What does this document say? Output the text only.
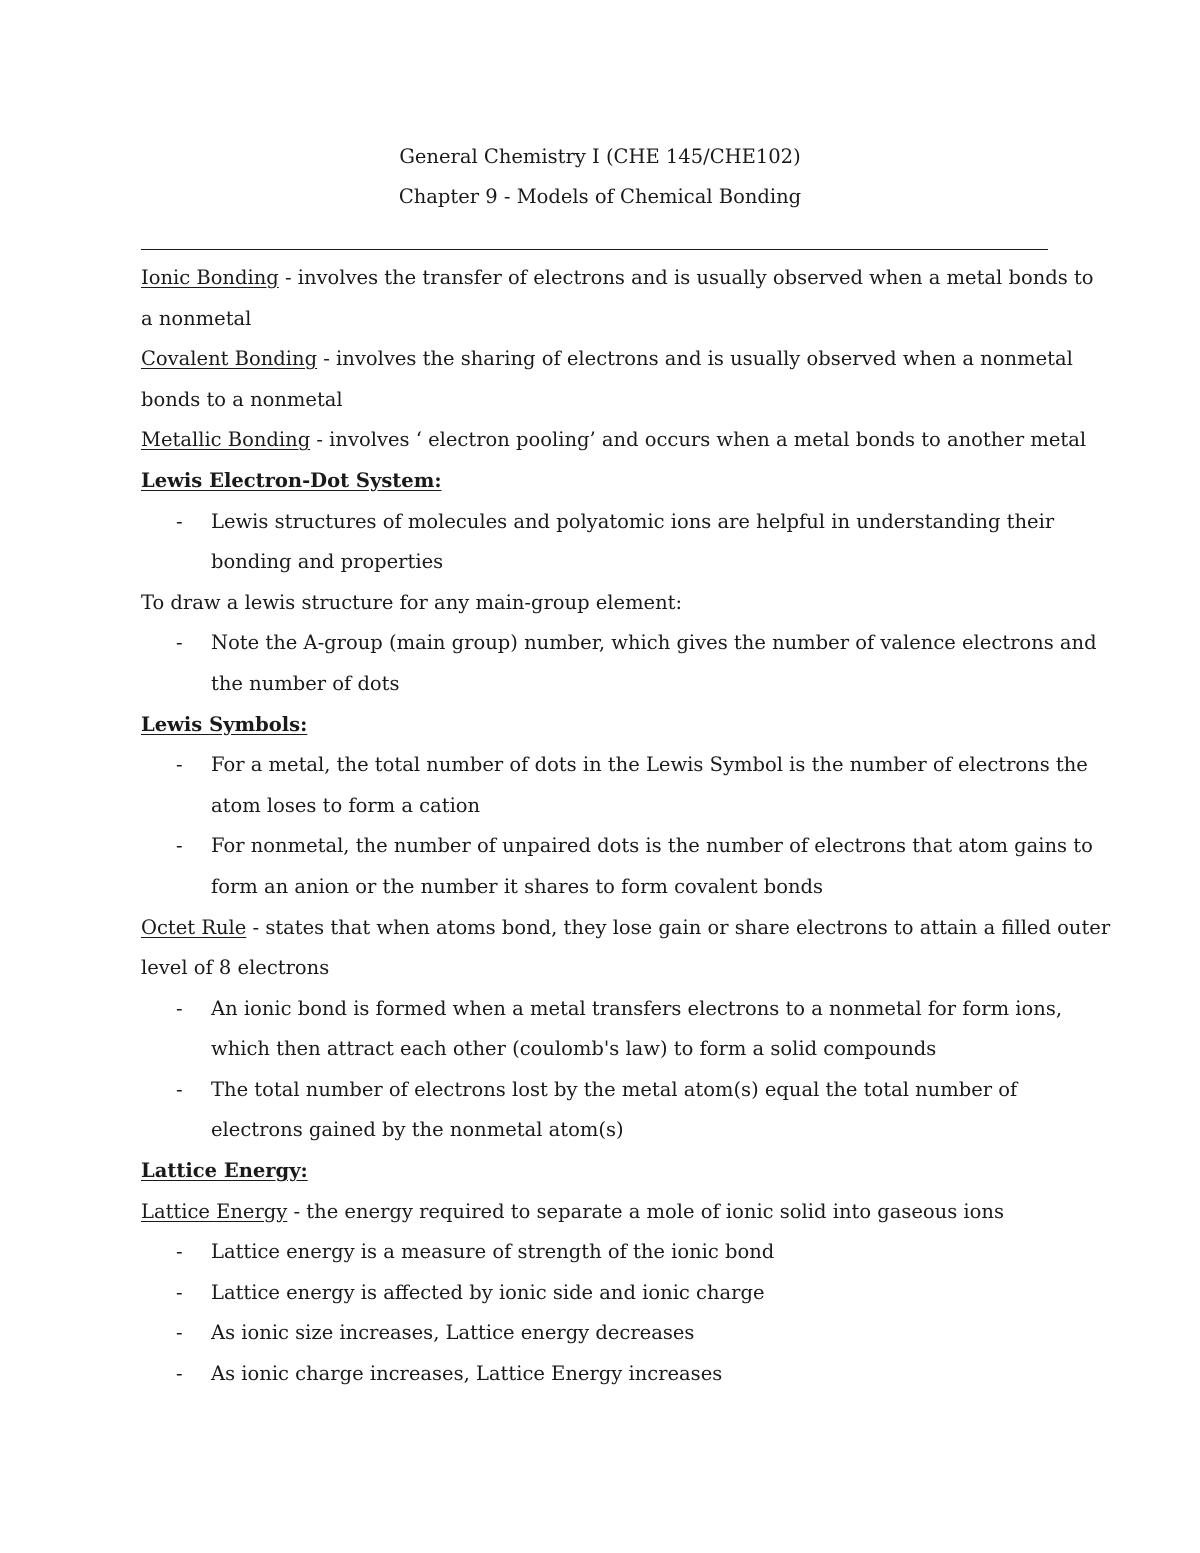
General Chemistry I (CHE 145/CHE102)
Chapter 9 - Models of Chemical Bonding
Ionic Bonding - involves the transfer of electrons and is usually observed when a metal bonds to
a nonmetal
Covalent Bonding - involves the sharing of electrons and is usually observed when a nonmetal
bonds to a nonmetal
Metallic Bonding - involves ‘ electron pooling’ and occurs when a metal bonds to another metal
Lewis Electron-Dot System:
- Lewis structures of molecules and polyatomic ions are helpful in understanding their
bonding and properties
To draw a lewis structure for any main-group element:
- Note the A-group (main group) number, which gives the number of valence electrons and
the number of dots
Lewis Symbols:
- For a metal, the total number of dots in the Lewis Symbol is the number of electrons the
atom loses to form a cation
- For nonmetal, the number of unpaired dots is the number of electrons that atom gains to
form an anion or the number it shares to form covalent bonds
Octet Rule - states that when atoms bond, they lose gain or share electrons to attain a filled outer
level of 8 electrons
- An ionic bond is formed when a metal transfers electrons to a nonmetal for form ions,
which then attract each other (coulomb's law) to form a solid compounds
- The total number of electrons lost by the metal atom(s) equal the total number of
electrons gained by the nonmetal atom(s)
Lattice Energy:
Lattice Energy - the energy required to separate a mole of ionic solid into gaseous ions
- Lattice energy is a measure of strength of the ionic bond
- Lattice energy is affected by ionic side and ionic charge
- As ionic size increases, Lattice energy decreases
- As ionic charge increases, Lattice Energy increases
